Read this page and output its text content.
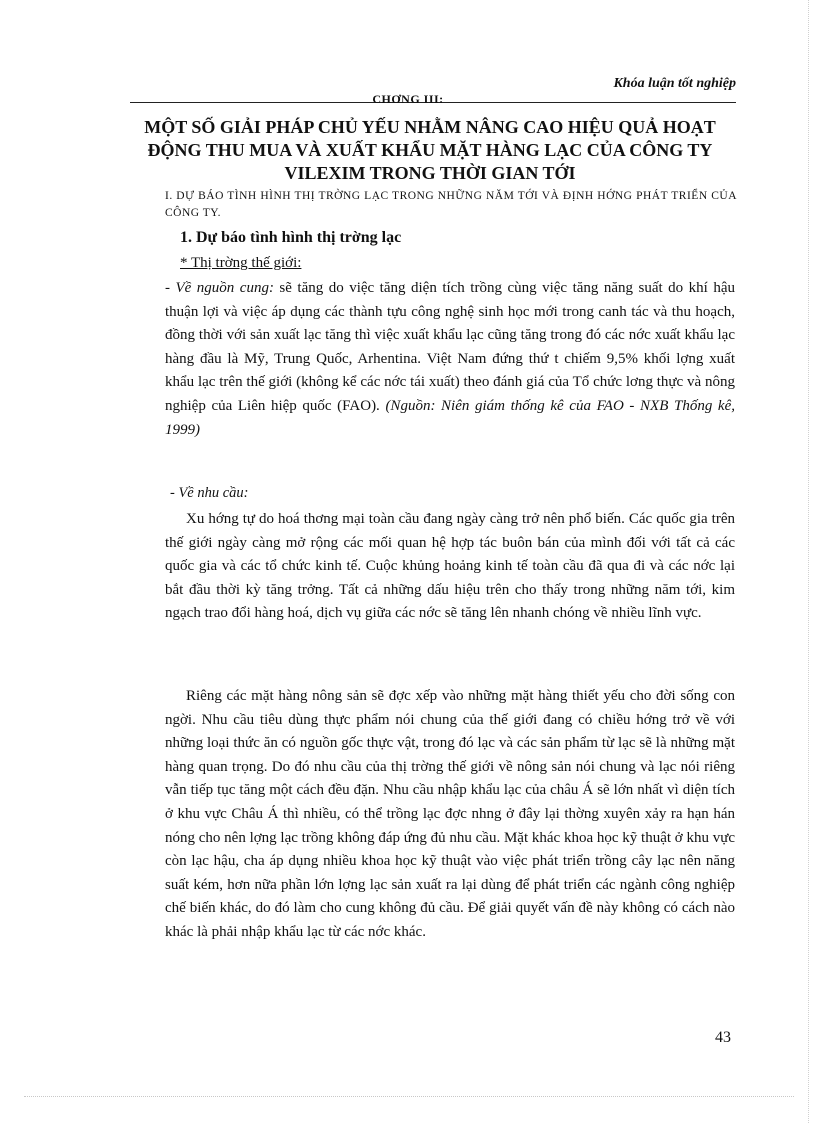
Khóa luận tốt nghiệp
CHƠNG III:
MỘT SỐ GIẢI PHÁP CHỦ YẾU NHẰM NÂNG CAO HIỆU QUẢ HOẠT
ĐỘNG THU MUA VÀ XUẤT KHẨU MẶT HÀNG LẠC CỦA CÔNG TY
VILEXIM TRONG THỜI GIAN TỚI
I. DỰ BÁO TÌNH HÌNH THỊ TRỜNG LẠC TRONG NHỮNG NĂM TỚI VÀ ĐỊNH HỚNG PHÁT TRIỂN CỦA CÔNG TY.
1. Dự báo tình hình thị trờng lạc
* Thị trờng thế giới:
- Về nguồn cung: sẽ tăng do việc tăng diện tích trồng cùng việc tăng năng suất do khí hậu thuận lợi và việc áp dụng các thành tựu công nghệ sinh học mới trong canh tác và thu hoạch, đồng thời với sản xuất lạc tăng thì việc xuất khẩu lạc cũng tăng trong đó các nớc xuất khẩu lạc hàng đầu là Mỹ, Trung Quốc, Arhentina. Việt Nam đứng thứ t chiếm 9,5% khối lợng xuất khẩu lạc trên thế giới (không kể các nớc tái xuất) theo đánh giá của Tổ chức lơng thực và nông nghiệp của Liên hiệp quốc (FAO). (Nguồn: Niên giám thống kê của FAO - NXB Thống kê, 1999)
- Về nhu cầu:
Xu hớng tự do hoá thơng mại toàn cầu đang ngày càng trở nên phổ biến. Các quốc gia trên thế giới ngày càng mở rộng các mối quan hệ hợp tác buôn bán của mình đối với tất cả các quốc gia và các tổ chức kinh tế. Cuộc khủng hoảng kinh tế toàn cầu đã qua đi và các nớc lại bắt đầu thời kỳ tăng trởng. Tất cả những dấu hiệu trên cho thấy trong những năm tới, kim ngạch trao đổi hàng hoá, dịch vụ giữa các nớc sẽ tăng lên nhanh chóng về nhiều lĩnh vực.
Riêng các mặt hàng nông sản sẽ đợc xếp vào những mặt hàng thiết yếu cho đời sống con ngời. Nhu cầu tiêu dùng thực phẩm nói chung của thế giới đang có chiều hớng trở về với những loại thức ăn có nguồn gốc thực vật, trong đó lạc và các sản phẩm từ lạc sẽ là những mặt hàng quan trọng. Do đó nhu cầu của thị trờng thế giới về nông sản nói chung và lạc nói riêng vẫn tiếp tục tăng một cách đều đặn. Nhu cầu nhập khẩu lạc của châu Á sẽ lớn nhất vì diện tích ở khu vực Châu Á thì nhiều, có thể trồng lạc đợc nhng ở đây lại thờng xuyên xảy ra hạn hán nóng cho nên lợng lạc trồng không đáp ứng đủ nhu cầu. Mặt khác khoa học kỹ thuật ở khu vực còn lạc hậu, cha áp dụng nhiều khoa học kỹ thuật vào việc phát triển trồng cây lạc nên năng suất kém, hơn nữa phần lớn lợng lạc sản xuất ra lại dùng để phát triển các ngành công nghiệp chế biến khác, do đó làm cho cung không đủ cầu. Để giải quyết vấn đề này không có cách nào khác là phải nhập khẩu lạc từ các nớc khác.
43
